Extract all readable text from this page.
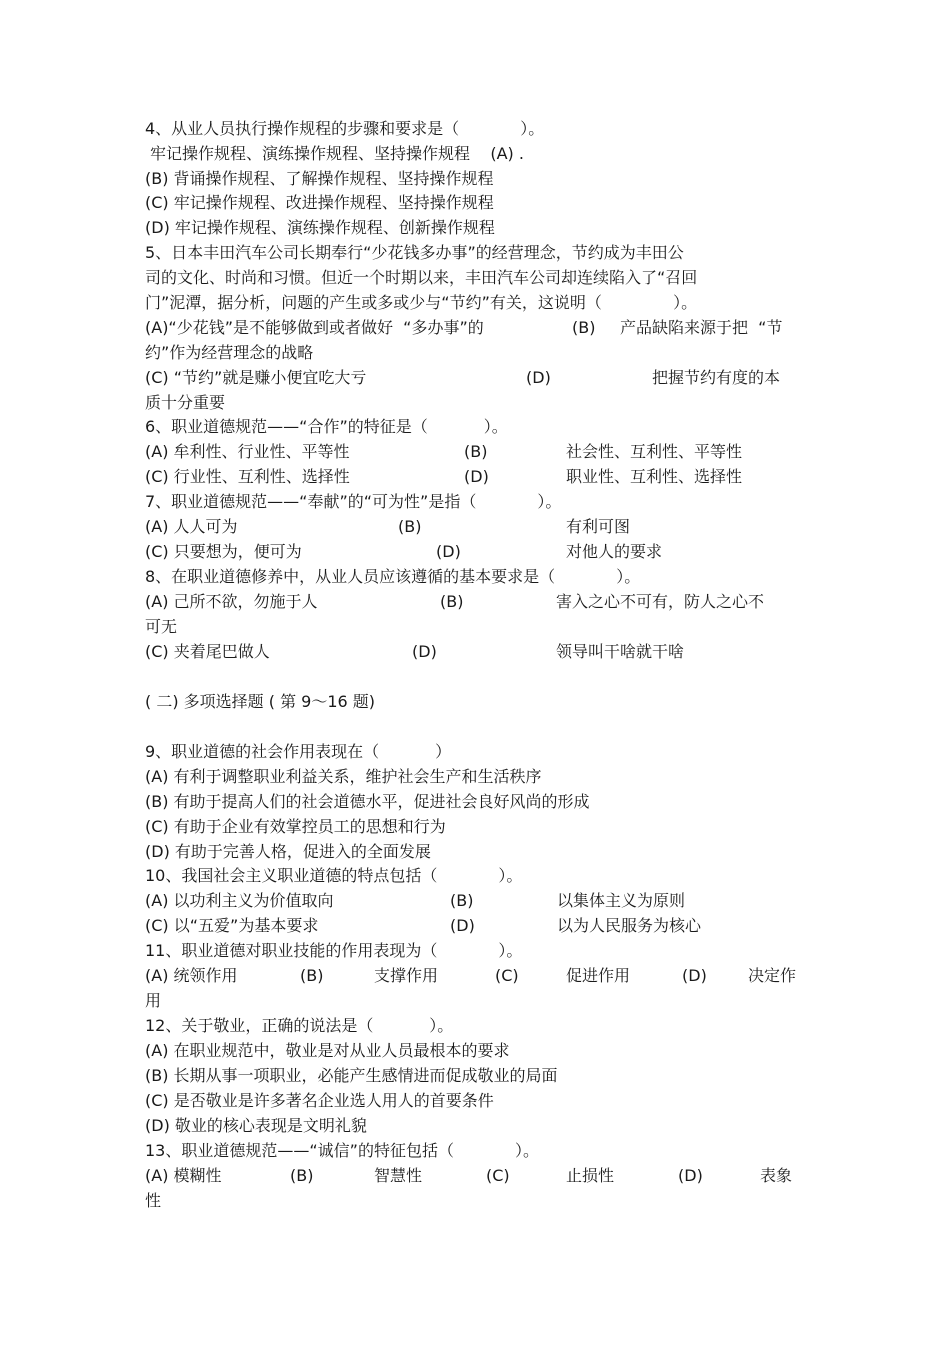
4、从业人员执行操作规程的步骤和要求是（            ）。
牢记操作规程、演练操作规程、坚持操作规程    (A) .
(B) 背诵操作规程、了解操作规程、坚持操作规程
(C) 牢记操作规程、改进操作规程、坚持操作规程
(D) 牢记操作规程、演练操作规程、创新操作规程
5、日本丰田汽车公司长期奉行“少花钱多办事”的经营理念，节约成为丰田公
司的文化、时尚和习惯。但近一个时期以来，丰田汽车公司却连续陷入了“召回
门”泥潭，据分析，问题的产生或多或少与“节约”有关，这说明（              ）。
(A)“少花钱”是不能够做到或者做好  “多办事”的	(B) 产品缺陷来源于把  “节
约”作为经营理念的战略
(C) “节约”就是赚小便宜吃大亏	(D)	把握节约有度的本
质十分重要
6、职业道德规范——“合作”的特征是（           ）。
(A) 牟利性、行业性、平等性	(B)	社会性、互利性、平等性
(C) 行业性、互利性、选择性	(D)	职业性、互利性、选择性
7、职业道德规范——“奉献”的“可为性”是指（            ）。
(A) 人人可为	(B)	有利可图
(C) 只要想为，便可为	(D)	对他人的要求
8、在职业道德修养中，从业人员应该遵循的基本要求是（            ）。
(A) 己所不欲，勿施于人	(B)	害入之心不可有，防人之心不
可无
(C) 夹着尾巴做人	(D)	领导叫干啥就干啥
( 二) 多项选择题 ( 第 9～16 题)
9、职业道德的社会作用表现在（           ）
(A) 有利于调整职业利益关系，维护社会生产和生活秩序
(B) 有助于提高人们的社会道德水平，促进社会良好风尚的形成
(C) 有助于企业有效掌控员工的思想和行为
(D) 有助于完善人格，促进入的全面发展
10、我国社会主义职业道德的特点包括（            ）。
(A) 以功利主义为价值取向	(B)	以集体主义为原则
(C) 以“五爱”为基本要求	(D)	以为人民服务为核心
11、职业道德对职业技能的作用表现为（            ）。
(A) 统领作用	(B)	支撑作用	(C)	促进作用	(D)	决定作
用
12、关于敬业，正确的说法是（           ）。
(A) 在职业规范中，敬业是对从业人员最根本的要求
(B) 长期从事一项职业，必能产生感情进而促成敬业的局面
(C) 是否敬业是许多著名企业选人用人的首要条件
(D) 敬业的核心表现是文明礼貌
13、职业道德规范——“诚信”的特征包括（            ）。
(A) 模糊性	(B)	智慧性	(C)	止损性	(D)	表象
性
